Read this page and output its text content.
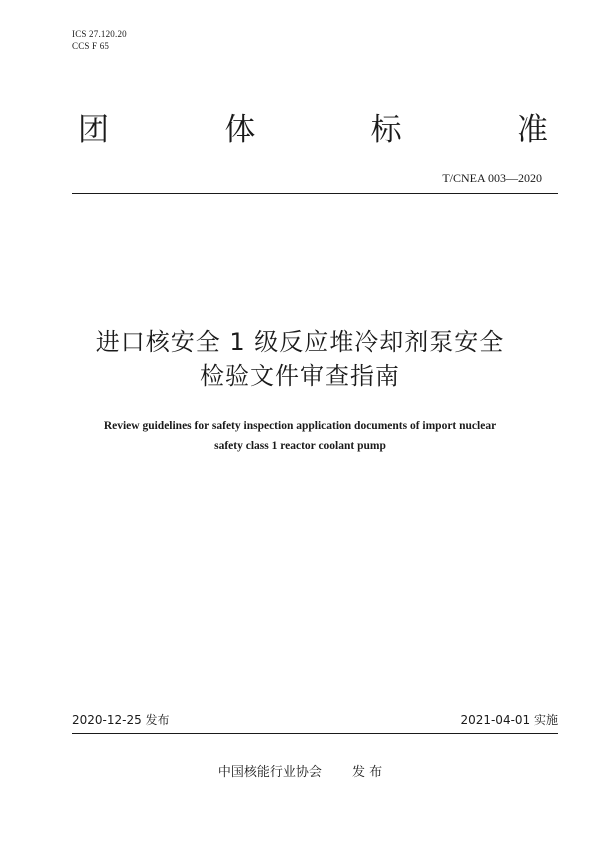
ICS 27.120.20
CCS F 65
团	体	标	准
T/CNEA 003—2020
进口核安全 1 级反应堆冷却剂泵安全
检验文件审查指南
Review guidelines for safety inspection application documents of import nuclear
safety class 1 reactor coolant pump
2020-12-25 发布	2021-04-01 实施
中国核能行业协会 发 布
